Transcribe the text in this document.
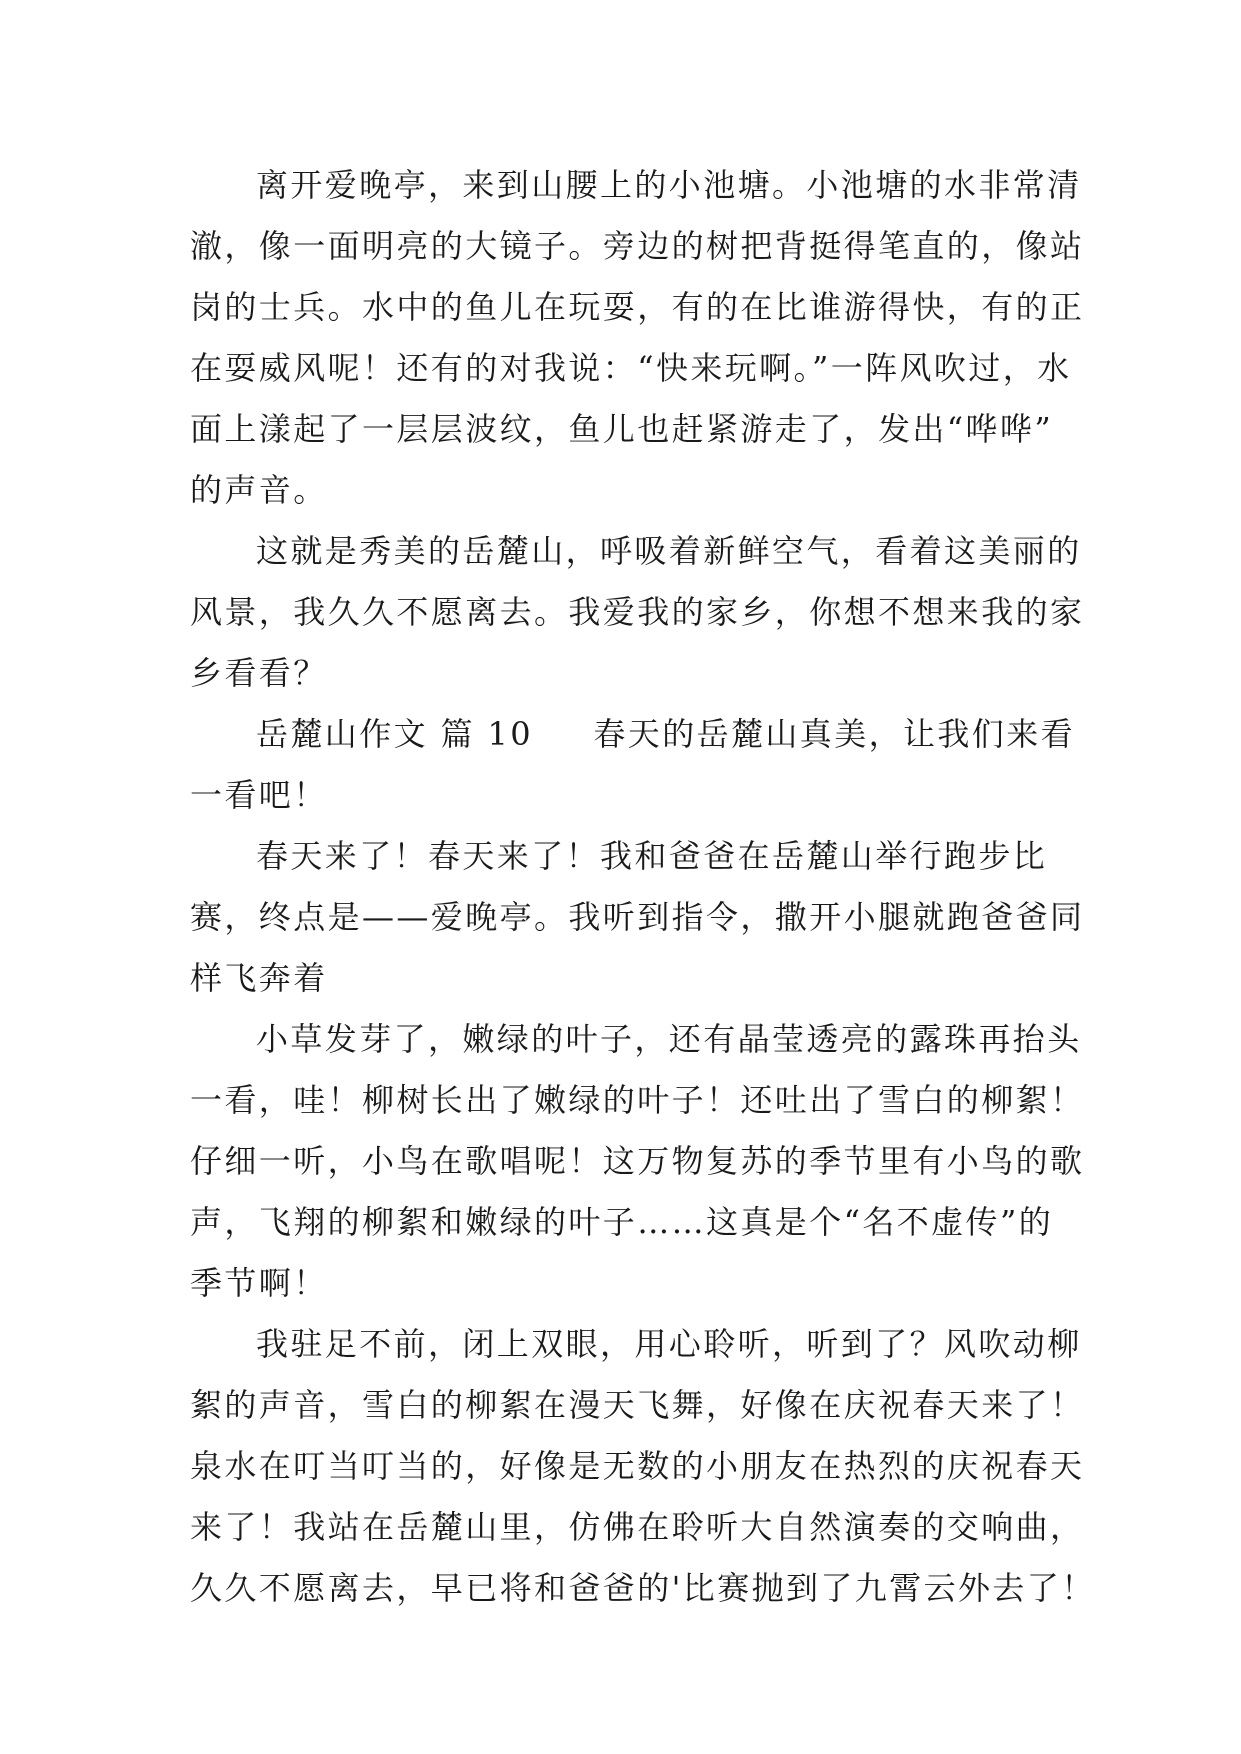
离开爱晚亭，来到山腰上的小池塘。小池塘的水非常清
澈，像一面明亮的大镜子。旁边的树把背挺得笔直的，像站
岗的士兵。水中的鱼儿在玩耍，有的在比谁游得快，有的正
在耍威风呢！还有的对我说：“快来玩啊。”一阵风吹过，水
面上漾起了一层层波纹，鱼儿也赶紧游走了，发出“哗哗”
的声音。
这就是秀美的岳麓山，呼吸着新鲜空气，看着这美丽的
风景，我久久不愿离去。我爱我的家乡，你想不想来我的家
乡看看？
岳麓山作文 篇 10 春天的岳麓山真美，让我们来看
一看吧！
春天来了！春天来了！我和爸爸在岳麓山举行跑步比
赛，终点是——爱晚亭。我听到指令，撒开小腿就跑爸爸同
样飞奔着
小草发芽了，嫩绿的叶子，还有晶莹透亮的露珠再抬头
一看，哇！柳树长出了嫩绿的叶子！还吐出了雪白的柳絮！
仔细一听，小鸟在歌唱呢！这万物复苏的季节里有小鸟的歌
声，飞翔的柳絮和嫩绿的叶子……这真是个“名不虚传”的
季节啊！
我驻足不前，闭上双眼，用心聆听，听到了？风吹动柳
絮的声音，雪白的柳絮在漫天飞舞，好像在庆祝春天来了！
泉水在叮当叮当的，好像是无数的小朋友在热烈的庆祝春天
来了！我站在岳麓山里，仿佛在聆听大自然演奏的交响曲，
久久不愿离去，早已将和爸爸的'比赛抛到了九霄云外去了！
